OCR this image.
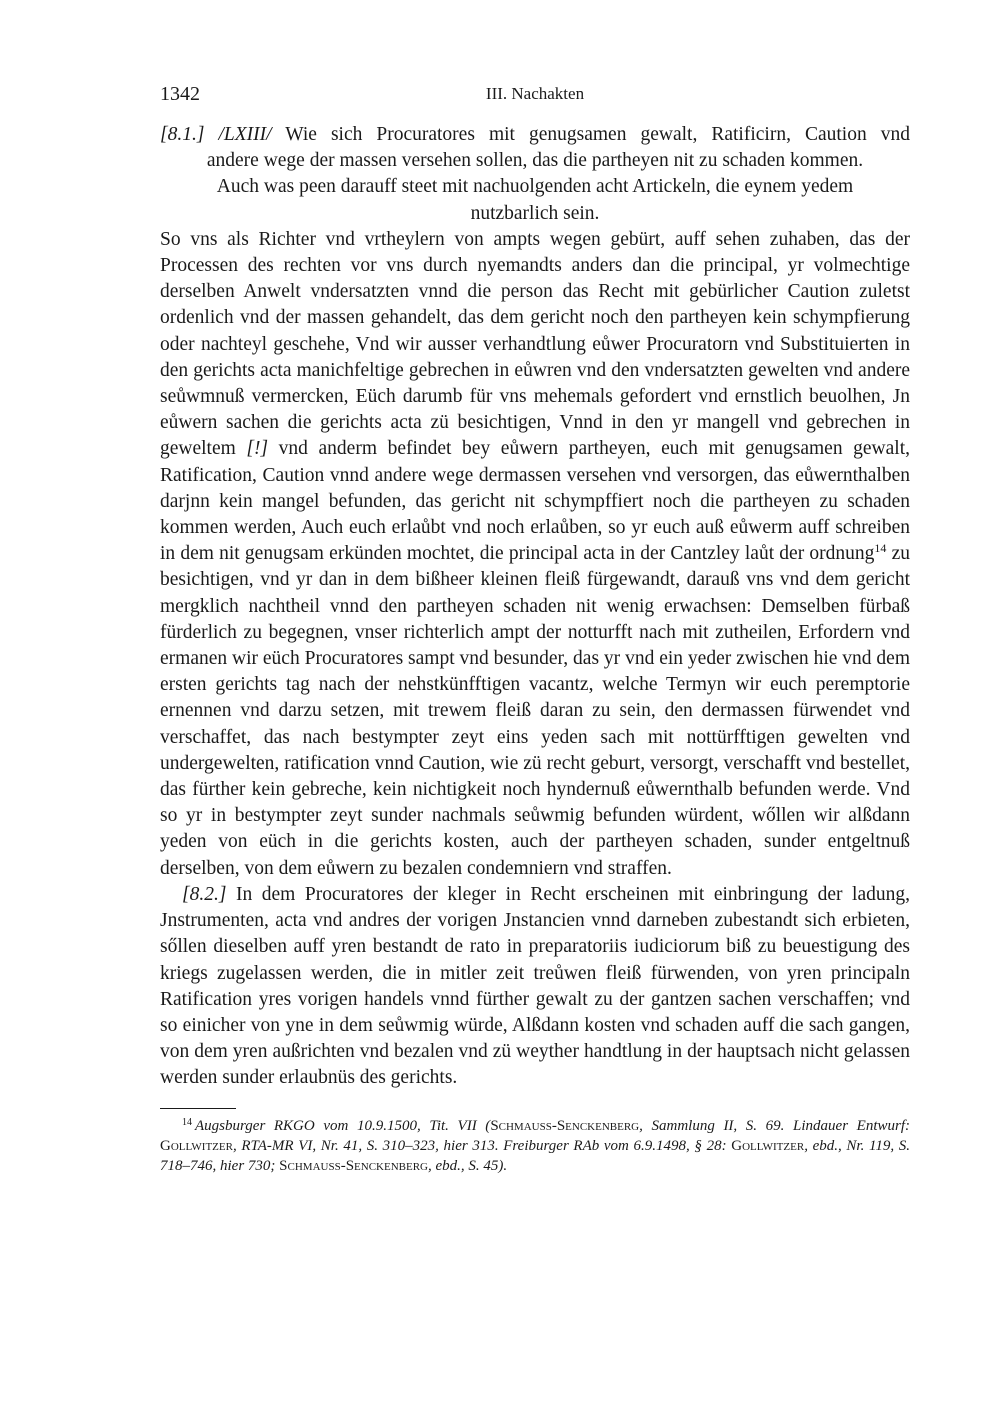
1342	III. Nachakten
[8.1.] /LXIII/ Wie sich Procuratores mit genugsamen gewalt, Ratificirn, Caution vnd
andere wege der massen versehen sollen, das die partheyen nit zu schaden kommen.
Auch was peen darauff steet mit nachuolgenden acht Artickeln, die eynem yedem
nutzbarlich sein.

So vns als Richter vnd vrtheylern von ampts wegen gebürt, auff sehen zuhaben, das der Processen des rechten vor vns durch nyemandts anders dan die principal, yr volmechtige derselben Anwelt vndersatzten vnnd die person das Recht mit gebürlicher Caution zuletst ordenlich vnd der massen gehandelt, das dem gericht noch den partheyen kein schympfierung oder nachteyl geschehe, Vnd wir ausser verhandtlung eůwer Procuratorn vnd Substituierten in den gerichts acta manichfeltige gebrechen in eůwren vnd den vndersatzten gewelten vnd andere seůwmnuß vermercken, Eüch darumb für vns mehemals gefordert vnd ernstlich beuolhen, Jn eůwern sachen die gerichts acta zü besichtigen, Vnnd in den yr mangell vnd gebrechen in geweltem [!] vnd anderm befindet bey eůwern partheyen, euch mit genugsamen gewalt, Ratification, Caution vnnd andere wege dermassen versehen vnd versorgen, das eůwernthalben darjnn kein mangel befunden, das gericht nit schympffiert noch die partheyen zu schaden kommen werden, Auch euch erlaůbt vnd noch erlaůben, so yr euch auß eůwerm auff schreiben in dem nit genugsam erkünden mochtet, die principal acta in der Cantzley laůt der ordnung$^{14}$ zu besichtigen, vnd yr dan in dem bißheer kleinen fleiß fürgewandt, darauß vns vnd dem gericht mergklich nachtheil vnnd den partheyen schaden nit wenig erwachsen: Demselben fürbaß fürderlich zu begegnen, vnser richterlich ampt der notturfft nach mit zutheilen, Erfordern vnd ermanen wir eüch Procuratores sampt vnd besunder, das yr vnd ein yeder zwischen hie vnd dem ersten gerichts tag nach der nehstkünfftigen vacantz, welche Termyn wir euch peremptorie ernennen vnd darzu setzen, mit trewem fleiß daran zu sein, den dermassen fürwendet vnd verschaffet, das nach bestympter zeyt eins yeden sach mit nottürfftigen gewelten vnd undergewelten, ratification vnnd Caution, wie zü recht geburt, versorgt, verschafft vnd bestellet, das fürther kein gebreche, kein nichtigkeit noch hyndernuß eůwernthalb befunden werde. Vnd so yr in bestympter zeyt sunder nachmals seůwmig befunden würdent, wőllen wir alßdann yeden von eüch in die gerichts kosten, auch der partheyen schaden, sunder entgeltnuß derselben, von dem eůwern zu bezalen condemniern vnd straffen.

[8.2.] In dem Procuratores der kleger in Recht erscheinen mit einbringung der ladung, Jnstrumenten, acta vnd andres der vorigen Jnstancien vnnd darneben zubestandt sich erbieten, sőllen dieselben auff yren bestandt de rato in preparatoriis iudiciorum biß zu beuestigung des kriegs zugelassen werden, die in mitler zeit treůwen fleiß fürwenden, von yren principaln Ratification yres vorigen handels vnnd fürther gewalt zu der gantzen sachen verschaffen; vnd so einicher von yne in dem seůwmig würde, Alßdann kosten vnd schaden auff die sach gangen, von dem yren außrichten vnd bezalen vnd zü weyther handtlung in der hauptsach nicht gelassen werden sunder erlaubnüs des gerichts.

$^{14}$ Augsburger RKGO vom 10.9.1500, Tit. VII (Schmauss-Senckenberg, Sammlung II, S. 69. Lindauer Entwurf: Gollwitzer, RTA-MR VI, Nr. 41, S. 310–323, hier 313. Freiburger RAb vom 6.9.1498, § 28: Gollwitzer, ebd., Nr. 119, S. 718–746, hier 730; Schmauss-Senckenberg, ebd., S. 45).
